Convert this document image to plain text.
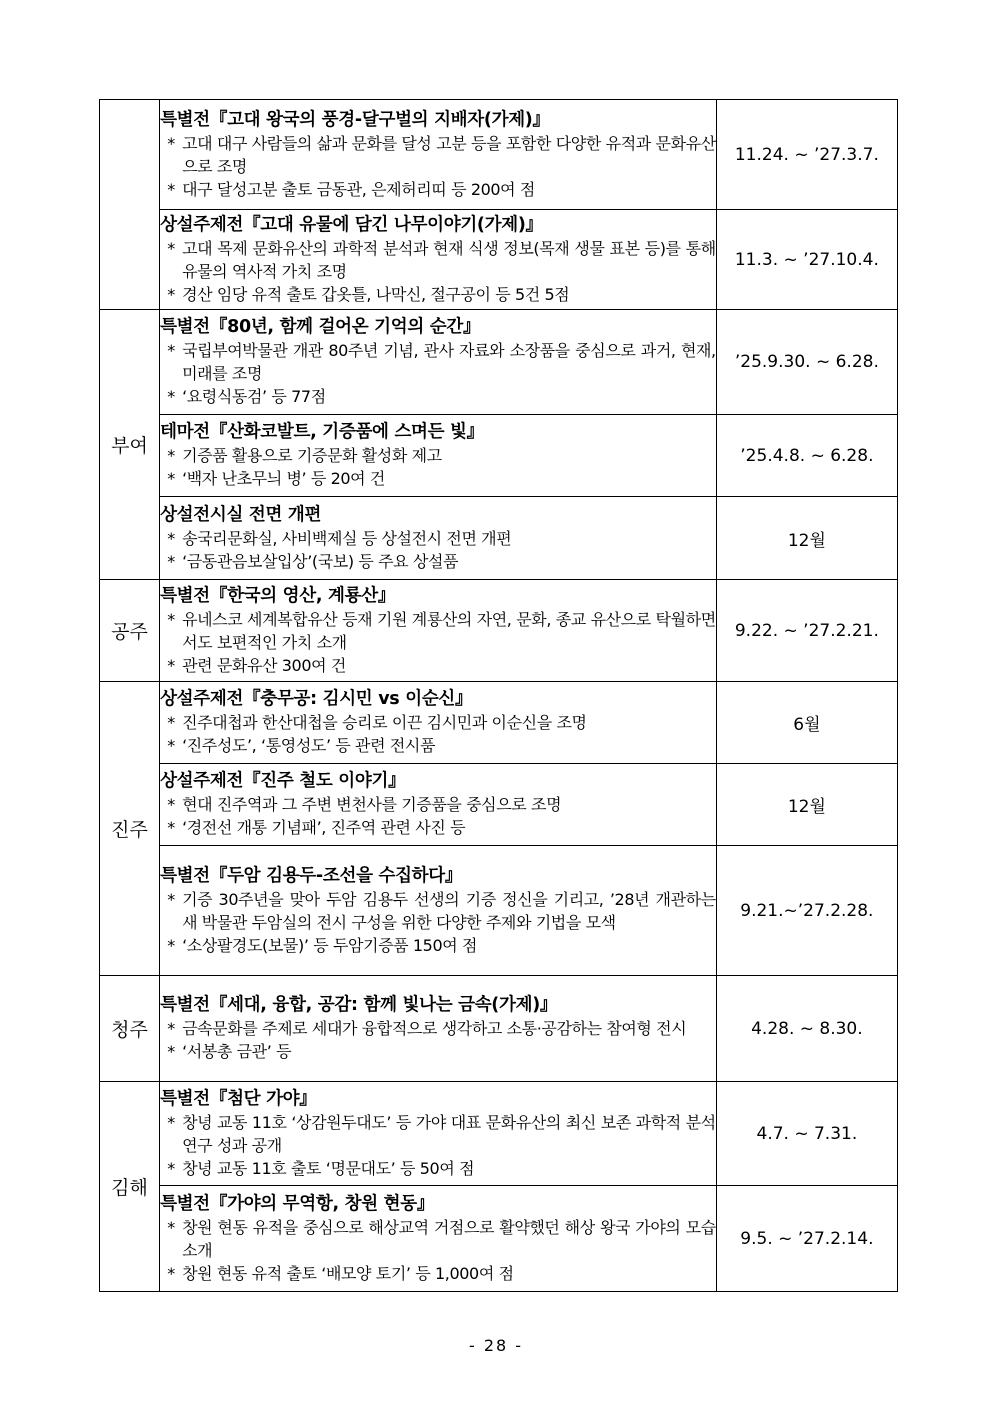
	특별전『고대 왕국의 풍경-달구벌의 지배자(가제)』
* 고대 대구 사람들의 삶과 문화를 달성 고분 등을 포함한 다양한 유적과 문화유산으로 조명
* 대구 달성고분 출토 금동관, 은제허리띠 등 200여 점	11.24. ~ ’27.3.7.

	상설주제전『고대 유물에 담긴 나무이야기(가제)』
* 고대 목제 문화유산의 과학적 분석과 현재 식생 정보(목재 생물 표본 등)를 통해 유물의 역사적 가치 조명
* 경산 임당 유적 출토 갑옷틀, 나막신, 절구공이 등 5건 5점	11.3. ~ ’27.10.4.
부여	특별전『80년, 함께 걸어온 기억의 순간』
* 국립부여박물관 개관 80주년 기념, 관사 자료와 소장품을 중심으로 과거, 현재, 미래를 조명
* ‘요령식동검’ 등 77점	’25.9.30. ~ 6.28.

	테마전『산화코발트, 기증품에 스며든 빛』
* 기증품 활용으로 기증문화 활성화 제고
* ‘백자 난초무늬 병’ 등 20여 건	’25.4.8. ~ 6.28.

	상설전시실 전면 개편
* 송국리문화실, 사비백제실 등 상설전시 전면 개편
* ‘금동관음보살입상’(국보) 등 주요 상설품	12월
공주	특별전『한국의 영산, 계룡산』
* 유네스코 세계복합유산 등재 기원 계룡산의 자연, 문화, 종교 유산으로 탁월하면서도 보편적인 가치 소개
* 관련 문화유산 300여 건	9.22. ~ ’27.2.21.
진주	상설주제전『충무공: 김시민 vs 이순신』
* 진주대첩과 한산대첩을 승리로 이끈 김시민과 이순신을 조명
* ‘진주성도’, ‘통영성도’ 등 관련 전시품	6월

	상설주제전『진주 철도 이야기』
* 현대 진주역과 그 주변 변천사를 기증품을 중심으로 조명
* ‘경전선 개통 기념패’, 진주역 관련 사진 등	12월

	특별전『두암 김용두-조선을 수집하다』
* 기증 30주년을 맞아 두암 김용두 선생의 기증 정신을 기리고, ’28년 개관하는 새 박물관 두암실의 전시 구성을 위한 다양한 주제와 기법을 모색
* ‘소상팔경도(보물)’ 등 두암기증품 150여 점	9.21.~’27.2.28.
청주	특별전『세대, 융합, 공감: 함께 빛나는 금속(가제)』
* 금속문화를 주제로 세대가 융합적으로 생각하고 소통·공감하는 참여형 전시
* ‘서봉총 금관’ 등	4.28. ~ 8.30.
김해	특별전『첨단 가야』
* 창녕 교동 11호 ‘상감원두대도’ 등 가야 대표 문화유산의 최신 보존 과학적 분석 연구 성과 공개
* 창녕 교동 11호 출토 ‘명문대도’ 등 50여 점	4.7. ~ 7.31.

	특별전『가야의 무역항, 창원 현동』
* 창원 현동 유적을 중심으로 해상교역 거점으로 활약했던 해상 왕국 가야의 모습 소개
* 창원 현동 유적 출토 ‘배모양 토기’ 등 1,000여 점	9.5. ~ ’27.2.14.
- 28 -
